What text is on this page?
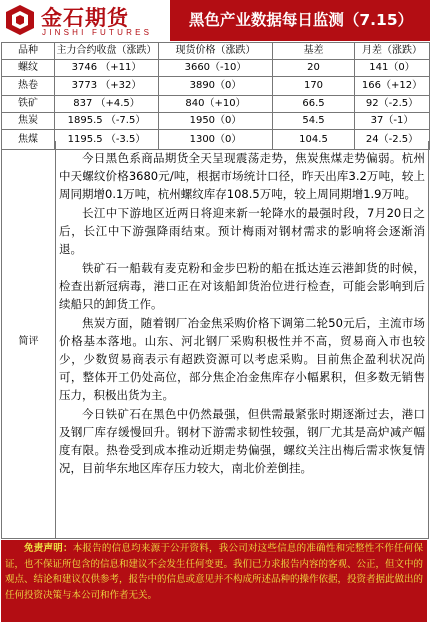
金石期货
JINSHI FUTURES
黑色产业数据每日监测（7.15）
品种	主力合约收盘（涨跌）	现货价格（涨跌）	基差	月差（涨跌）
螺纹	3746 （+11）	3660（-10）	20	141（0）
热卷	3773 （+32）	3890（0）	170	166（+12）
铁矿	837 （+4.5）	840（+10）	66.5	92（-2.5）
焦炭	1895.5 （-7.5）	1950（0）	54.5	37（-1）
焦煤	1195.5 （-3.5）	1300（0）	104.5	24（-2.5）
简评

今日黑色系商品期货全天呈现震荡走势，焦炭焦煤走势偏弱。杭州中天螺纹价格3680元/吨，根据市场统计口径，昨天出库3.2万吨，较上周同期增0.1万吨，杭州螺纹库存108.5万吨，较上周同期增1.9万吨。

长江中下游地区近两日将迎来新一轮降水的最强时段，7月20日之后，长江中下游强降雨结束。预计梅雨对钢材需求的影响将会逐渐消退。

铁矿石一船载有麦克粉和金步巴粉的船在抵达连云港卸货的时候，检查出新冠病毒，港口正在对该船卸货治位进行检查，可能会影响到后续船只的卸货工作。

焦炭方面，随着钢厂冶金焦采购价格下调第二轮50元后，主流市场价格基本落地。山东、河北钢厂采购积极性并不高，贸易商入市也较少，少数贸易商表示有超跌资源可以考虑采购。目前焦企盈利状况尚可，整体开工仍处高位，部分焦企冶金焦库存小幅累积，但多数无销售压力，积极出货为主。

今日铁矿石在黑色中仍然最强，但供需最紧张时期逐渐过去，港口及钢厂库存缓慢回升。钢材下游需求韧性较强，钢厂尤其是高炉减产幅度有限。热卷受到成本推动近期走势偏强，螺纹关注出梅后需求恢复情况，目前华东地区库存压力较大，南北价差倒挂。

免责声明：本报告的信息均来源于公开资料，我公司对这些信息的准确性和完整性不作任何保证，也不保证所包含的信息和建议不会发生任何变更。我们已力求报告内容的客观、公正，但文中的观点、结论和建议仅供参考，报告中的信息或意见并不构成所述品种的操作依据，投资者据此做出的任何投资决策与本公司和作者无关。
